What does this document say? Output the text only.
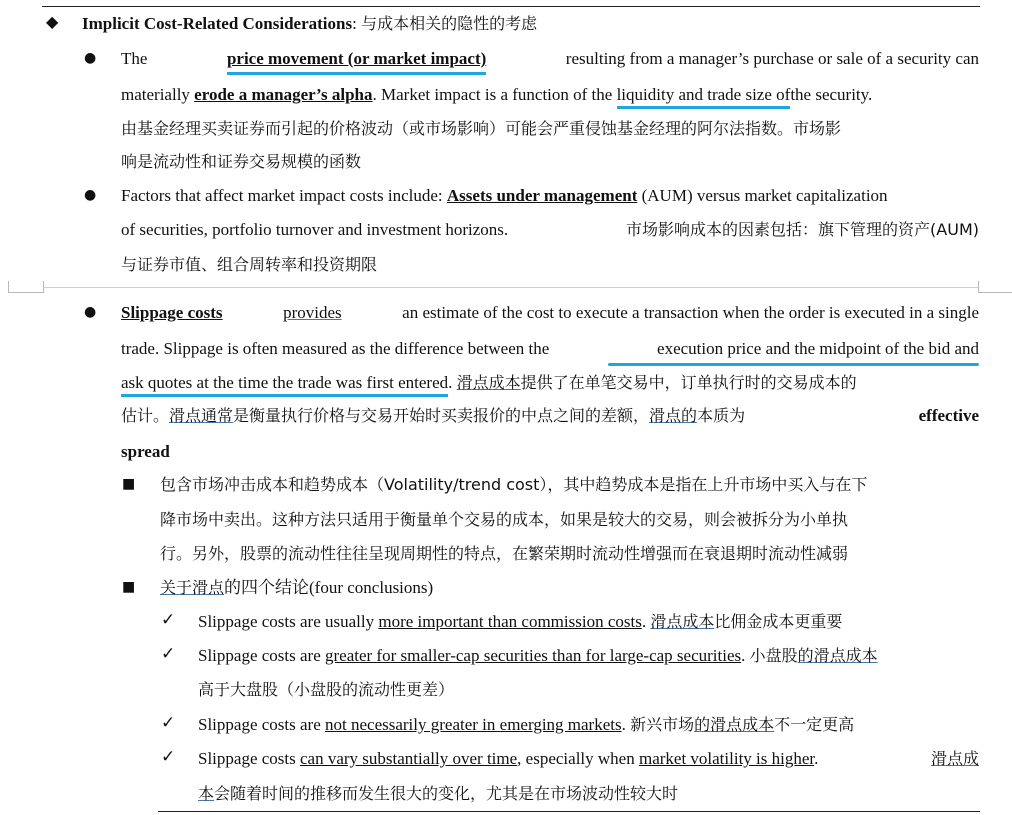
◆ Implicit Cost-Related Considerations: 与成本相关的隐性的考虑
● The	price movement (or market impact)	resulting from a manager’s purchase or sale of a security can
materially erode a manager’s alpha. Market impact is a function of the liquidity and trade size ofthe security.
由基金经理买卖证券而引起的价格波动（或市场影响）可能会严重侵蚀基金经理的阿尔法指数。市场影
响是流动性和证券交易规模的函数
● Factors that affect market impact costs include: Assets under management (AUM) versus market capitalization
of securities, portfolio turnover and investment horizons.	市场影响成本的因素包括：旗下管理的资产(AUM)
与证券市值、组合周转率和投资期限
● Slippage costs	provides	an estimate of the cost to execute a transaction when the order is executed in a single
trade. Slippage is often measured as the difference between the	execution price and the midpoint of the bid and
ask quotes at the time the trade was first entered. 滑点成本提供了在单笔交易中，订单执行时的交易成本的
估计。滑点通常是衡量执行价格与交易开始时买卖报价的中点之间的差额，滑点的本质为	effective
spread
■ 包含市场冲击成本和趋势成本（Volatility/trend cost），其中趋势成本是指在上升市场中买入与在下
降市场中卖出。这种方法只适用于衡量单个交易的成本，如果是较大的交易，则会被拆分为小单执
行。另外，股票的流动性往往呈现周期性的特点，在繁荣期时流动性增强而在衰退期时流动性减弱
■ 关于滑点的四个结论(four conclusions)
✓ Slippage costs are usually more important than commission costs. 滑点成本比佣金成本更重要
✓ Slippage costs are greater for smaller-cap securities than for large-cap securities. 小盘股的滑点成本
高于大盘股（小盘股的流动性更差）
✓ Slippage costs are not necessarily greater in emerging markets. 新兴市场的滑点成本不一定更高
✓ Slippage costs can vary substantially over time, especially when market volatility is higher.	滑点成
本会随着时间的推移而发生很大的变化，尤其是在市场波动性较大时
